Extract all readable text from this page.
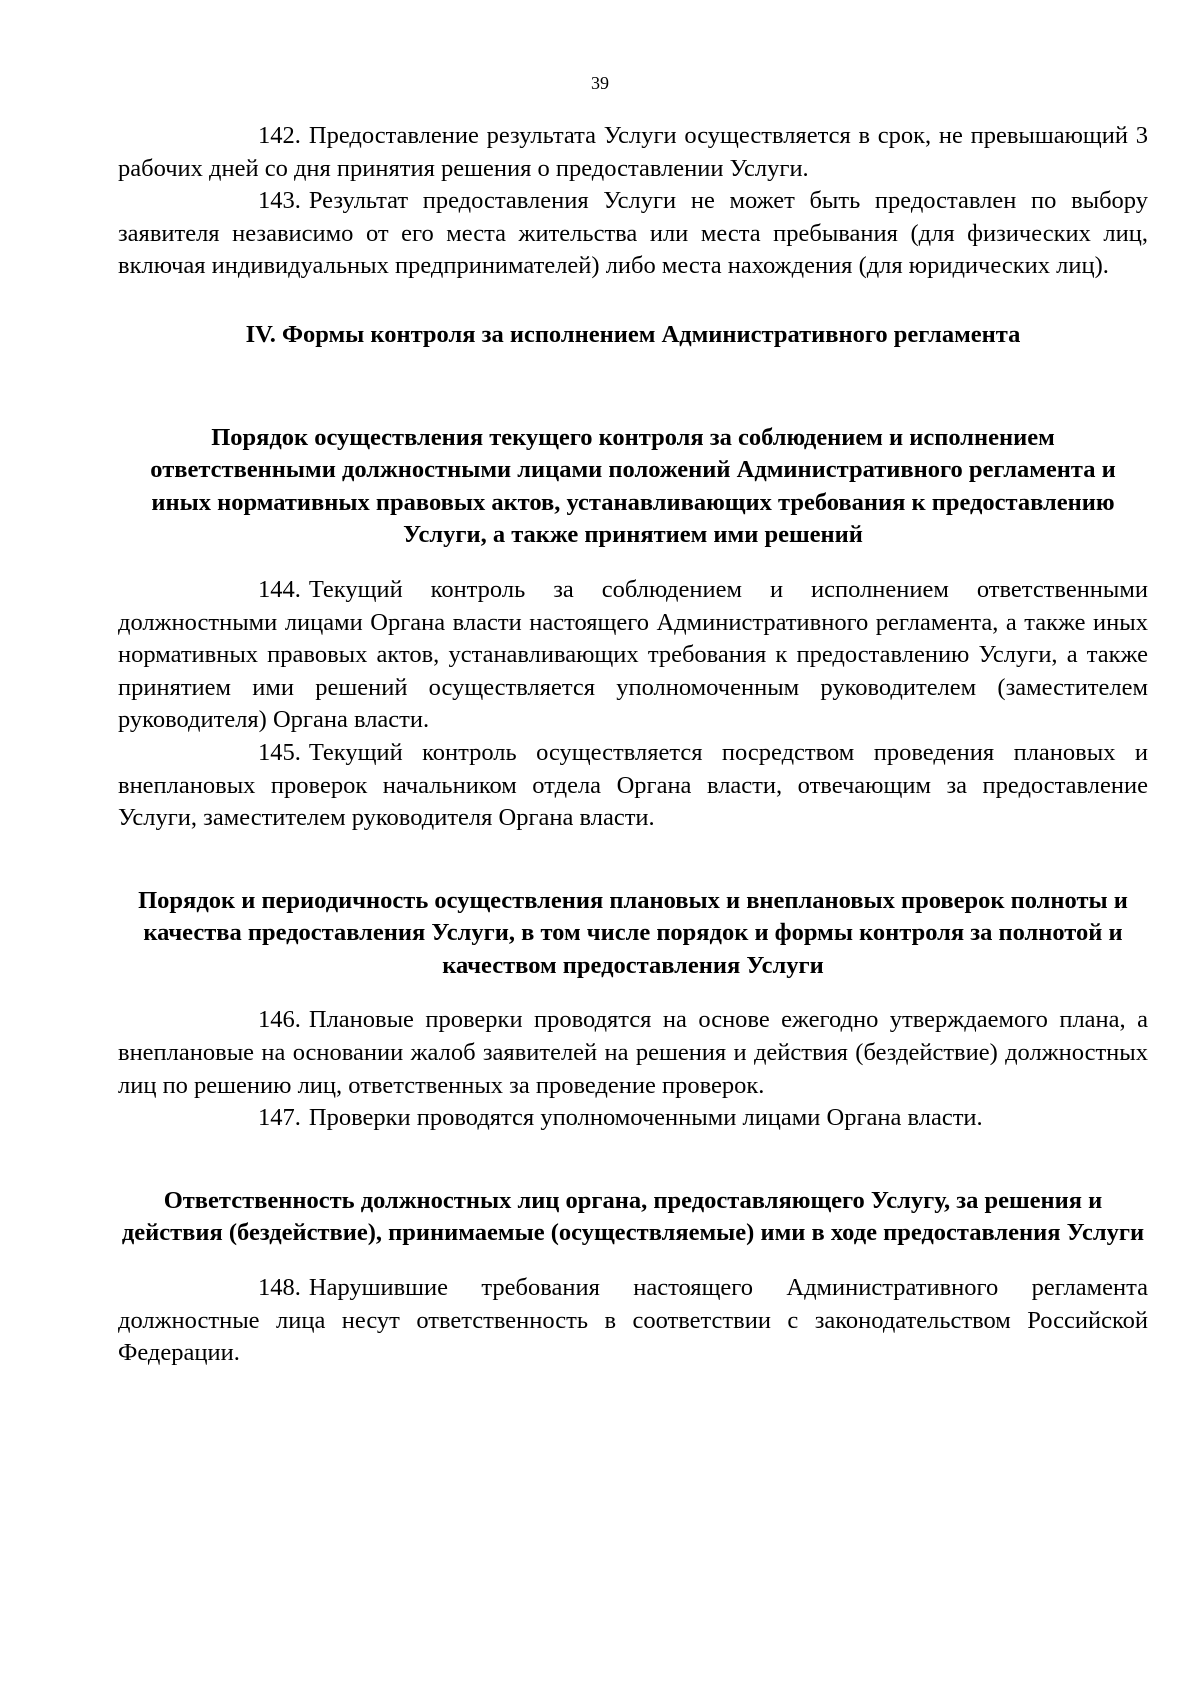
39

142. Предоставление результата Услуги осуществляется в срок, не превышающий 3 рабочих дней со дня принятия решения о предоставлении Услуги.

143. Результат предоставления Услуги не может быть предоставлен по выбору заявителя независимо от его места жительства или места пребывания (для физических лиц, включая индивидуальных предпринимателей) либо места нахождения (для юридических лиц).

IV. Формы контроля за исполнением Административного регламента
Порядок осуществления текущего контроля за соблюдением и исполнением ответственными должностными лицами положений Административного регламента и иных нормативных правовых актов, устанавливающих требования к предоставлению Услуги, а также принятием ими решений

144. Текущий контроль за соблюдением и исполнением ответственными должностными лицами Органа власти настоящего Административного регламента, а также иных нормативных правовых актов, устанавливающих требования к предоставлению Услуги, а также принятием ими решений осуществляется уполномоченным руководителем (заместителем руководителя) Органа власти.

145. Текущий контроль осуществляется посредством проведения плановых и внеплановых проверок начальником отдела Органа власти, отвечающим за предоставление Услуги, заместителем руководителя Органа власти.

Порядок и периодичность осуществления плановых и внеплановых проверок полноты и качества предоставления Услуги, в том числе порядок и формы контроля за полнотой и качеством предоставления Услуги

146. Плановые проверки проводятся на основе ежегодно утверждаемого плана, а внеплановые на основании жалоб заявителей на решения и действия (бездействие) должностных лиц по решению лиц, ответственных за проведение проверок.

147. Проверки проводятся уполномоченными лицами Органа власти.

Ответственность должностных лиц органа, предоставляющего Услугу, за решения и действия (бездействие), принимаемые (осуществляемые) ими в ходе предоставления Услуги

148. Нарушившие требования настоящего Административного регламента должностные лица несут ответственность в соответствии с законодательством Российской Федерации.
